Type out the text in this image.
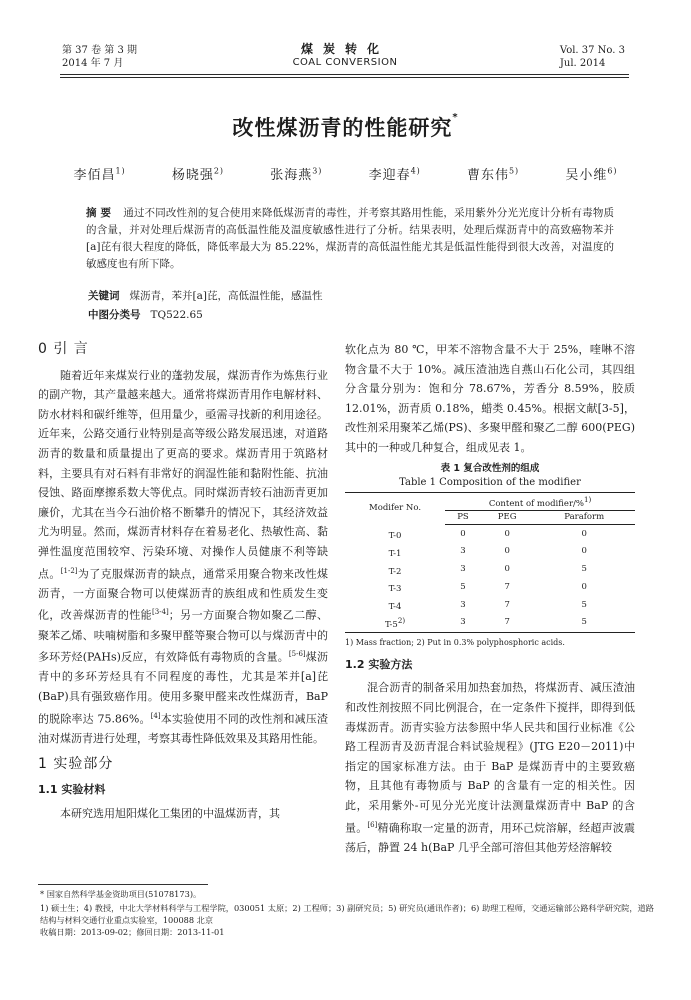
第 37 卷 第 3 期
2014 年 7 月
煤炭转化
COAL CONVERSION
Vol. 37 No. 3
Jul. 2014
改性煤沥青的性能研究*
李佰昌$^{1)}$	杨晓强$^{2)}$	张海燕$^{3)}$	李迎春$^{4)}$	曹东伟$^{5)}$	吴小维$^{6)}$
摘 要 通过不同改性剂的复合使用来降低煤沥青的毒性，并考察其路用性能，采用紫外分光光度计分析有毒物质的含量，并对处理后煤沥青的高低温性能及温度敏感性进行了分析。结果表明，处理后煤沥青中的高致癌物苯并[a]芘有很大程度的降低，降低率最大为 85.22%，煤沥青的高低温性能尤其是低温性能得到很大改善，对温度的敏感度也有所下降。
关键词 煤沥青，苯并[a]芘，高低温性能，感温性
中图分类号 TQ522.65
0 引 言

随着近年来煤炭行业的蓬勃发展，煤沥青作为炼焦行业的副产物，其产量越来越大。通常将煤沥青用作电解材料、防水材料和碳纤维等，但用量少，亟需寻找新的利用途径。近年来，公路交通行业特别是高等级公路发展迅速，对道路沥青的数量和质量提出了更高的要求。煤沥青用于筑路材料，主要具有对石料有非常好的润湿性能和黏附性能、抗油侵蚀、路面摩擦系数大等优点。同时煤沥青较石油沥青更加廉价，尤其在当今石油价格不断攀升的情况下，其经济效益尤为明显。然而，煤沥青材料存在着易老化、热敏性高、黏弹性温度范围较窄、污染环境、对操作人员健康不利等缺点。[1-2]为了克服煤沥青的缺点，通常采用聚合物来改性煤沥青，一方面聚合物可以使煤沥青的族组成和性质发生变化，改善煤沥青的性能[3-4]；另一方面聚合物如聚乙二醇、聚苯乙烯、呋喃树脂和多聚甲醛等聚合物可以与煤沥青中的多环芳烃(PAHs)反应，有效降低有毒物质的含量。[5-6]煤沥青中的多环芳烃具有不同程度的毒性，尤其是苯并[a]芘(BaP)具有强致癌作用。使用多聚甲醛来改性煤沥青，BaP 的脱除率达 75.86%。[4]本实验使用不同的改性剂和减压渣油对煤沥青进行处理，考察其毒性降低效果及其路用性能。

1 实验部分
1.1 实验材料

本研究选用旭阳煤化工集团的中温煤沥青，其

软化点为 80 ℃，甲苯不溶物含量不大于 25%，喹啉不溶物含量不大于 10%。减压渣油选自燕山石化公司，其四组分含量分别为：饱和分 78.67%，芳香分 8.59%，胶质 12.01%，沥青质 0.18%，蜡类 0.45%。根据文献[3-5]，改性剂采用聚苯乙烯(PS)、多聚甲醛和聚乙二醇 600(PEG)其中的一种或几种复合，组成见表 1。

表 1 复合改性剂的组成
Table 1 Composition of the modifier
Modifer No.	Content of modifier/%$^{1)}$
	PS	PEG	Paraform
T-0	0	0	0
T-1	3	0	0
T-2	3	0	5
T-3	5	7	0
T-4	3	7	5
T-5$^{2)}$	3	7	5
1) Mass fraction; 2) Put in 0.3% polyphosphoric acids.
1.2 实验方法

混合沥青的制备采用加热套加热，将煤沥青、减压渣油和改性剂按照不同比例混合，在一定条件下搅拌，即得到低毒煤沥青。沥青实验方法参照中华人民共和国行业标准《公路工程沥青及沥青混合料试验规程》(JTG E20－2011)中指定的国家标准方法。由于 BaP 是煤沥青中的主要致癌物，且其他有毒物质与 BaP 的含量有一定的相关性。因此，采用紫外-可见分光光度计法测量煤沥青中 BaP 的含量。[6]精确称取一定量的沥青，用环己烷溶解，经超声波震荡后，静置 24 h(BaP 几乎全部可溶但其他芳烃溶解较

* 国家自然科学基金资助项目(51078173)。
1) 硕士生；4) 教授，中北大学材料科学与工程学院，030051 太原；2) 工程师；3) 副研究员；5) 研究员(通讯作者)；6) 助理工程师，交通运输部公路科学研究院，道路结构与材料交通行业重点实验室，100088 北京
收稿日期：2013-09-02；修回日期：2013-11-01
